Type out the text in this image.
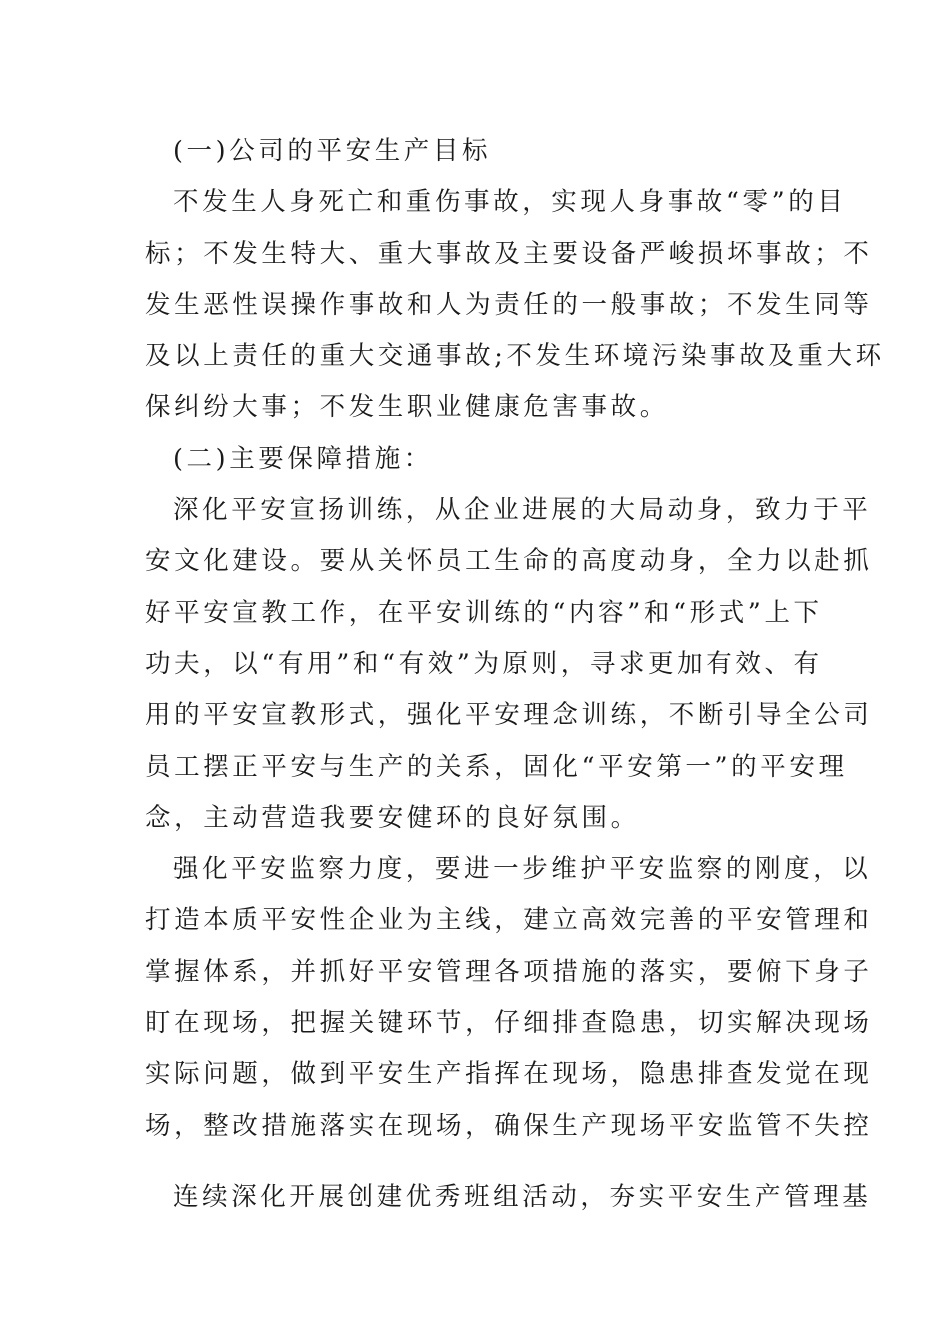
(一)公司的平安生产目标
不发生人身死亡和重伤事故，实现人身事故“零”的目
标；不发生特大、重大事故及主要设备严峻损坏事故；不
发生恶性误操作事故和人为责任的一般事故；不发生同等
及以上责任的重大交通事故;不发生环境污染事故及重大环
保纠纷大事；不发生职业健康危害事故。
(二)主要保障措施：
深化平安宣扬训练，从企业进展的大局动身，致力于平
安文化建设。要从关怀员工生命的高度动身，全力以赴抓
好平安宣教工作，在平安训练的“内容”和“形式”上下
功夫，以“有用”和“有效”为原则，寻求更加有效、有
用的平安宣教形式，强化平安理念训练，不断引导全公司
员工摆正平安与生产的关系，固化“平安第一”的平安理
念，主动营造我要安健环的良好氛围。
强化平安监察力度，要进一步维护平安监察的刚度，以
打造本质平安性企业为主线，建立高效完善的平安管理和
掌握体系，并抓好平安管理各项措施的落实，要俯下身子
盯在现场，把握关键环节，仔细排查隐患，切实解决现场
实际问题，做到平安生产指挥在现场，隐患排查发觉在现
场，整改措施落实在现场，确保生产现场平安监管不失控
连续深化开展创建优秀班组活动，夯实平安生产管理基
